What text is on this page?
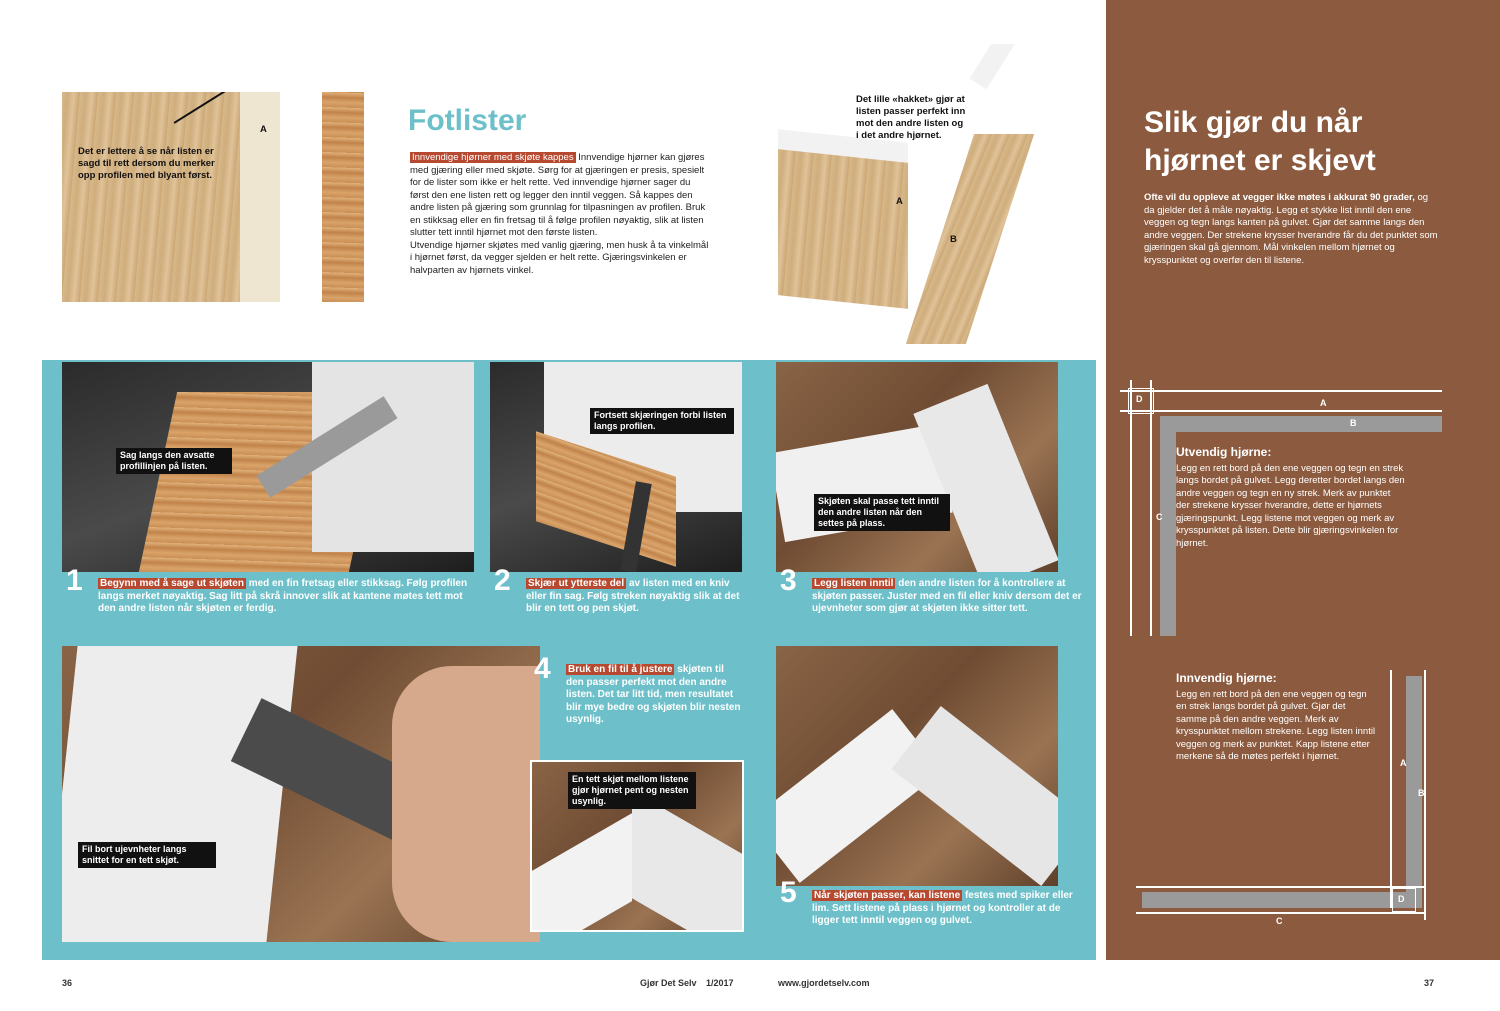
Det er lettere å se når listen er sagd til rett dersom du merker opp profilen med blyant først.
A	Fotlister
Innvendige hjørner med skjøte kappes Innvendige hjørner kan gjøres med gjæring eller med skjøte. Sørg for at gjæringen er presis, spesielt for de lister som ikke er helt rette. Ved innvendige hjørner sager du først den ene listen rett og legger den inntil veggen. Så kappes den andre listen på gjæring som grunnlag for tilpasningen av profilen. Bruk en stikksag eller en fin fretsag til å følge profilen nøyaktig, slik at listen slutter tett inntil hjørnet mot den første listen.
Utvendige hjørner skjøtes med vanlig gjæring, men husk å ta vinkelmål i hjørnet først, da vegger sjelden er helt rette. Gjæringsvinkelen er halvparten av hjørnets vinkel.
Det lille «hakket» gjør at listen passer perfekt inn mot den andre listen og i det andre hjørnet.
A
B
Sag langs den avsatte profillinjen på listen.
1 Begynn med å sage ut skjøten med en fin fretsag eller stikksag. Følg profilen langs merket nøyaktig. Sag litt på skrå innover slik at kantene møtes tett mot den andre listen når skjøten er ferdig.
Fortsett skjæringen forbi listen langs profilen.
2 Skjær ut ytterste del av listen med en kniv eller fin sag. Følg streken nøyaktig slik at det blir en tett og pen skjøt.
Skjøten skal passe tett inntil den andre listen når den settes på plass.
3 Legg listen inntil den andre listen for å kontrollere at skjøten passer. Juster med en fil eller kniv dersom det er ujevnheter som gjør at skjøten ikke sitter tett.
Fil bort ujevnheter langs snittet for en tett skjøt.
4 Bruk en fil til å justere skjøten til den passer perfekt mot den andre listen. Det tar litt tid, men resultatet blir mye bedre og skjøten blir nesten usynlig.
En tett skjøt mellom listene gjør hjørnet pent og nesten usynlig.
5 Når skjøten passer, kan listene festes med spiker eller lim. Sett listene på plass i hjørnet og kontroller at de ligger tett inntil veggen og gulvet.
Slik gjør du når hjørnet er skjevt
Ofte vil du oppleve at vegger ikke møtes i akkurat 90 grader, og da gjelder det å måle nøyaktig. Legg et stykke list inntil den ene veggen og tegn langs kanten på gulvet. Gjør det samme langs den andre veggen. Der strekene krysser hverandre får du det punktet som gjæringen skal gå gjennom. Mål vinkelen mellom hjørnet og krysspunktet og overfør den til listene.
D	A
B
C
Utvendig hjørne:
Legg en rett bord på den ene veggen og tegn en strek langs bordet på gulvet. Legg deretter bordet langs den andre veggen og tegn en ny strek. Merk av punktet der strekene krysser hverandre, dette er hjørnets gjæringspunkt. Legg listene mot veggen og merk av krysspunktet på listen. Dette blir gjæringsvinkelen for hjørnet.
A
B
C
D
Innvendig hjørne:
Legg en rett bord på den ene veggen og tegn en strek langs bordet på gulvet. Gjør det samme på den andre veggen. Merk av krysspunktet mellom strekene. Legg listen inntil veggen og merk av punktet. Kapp listene etter merkene så de møtes perfekt i hjørnet.
36	Gjør Det Selv 1/2017	www.gjordetselv.com	37
